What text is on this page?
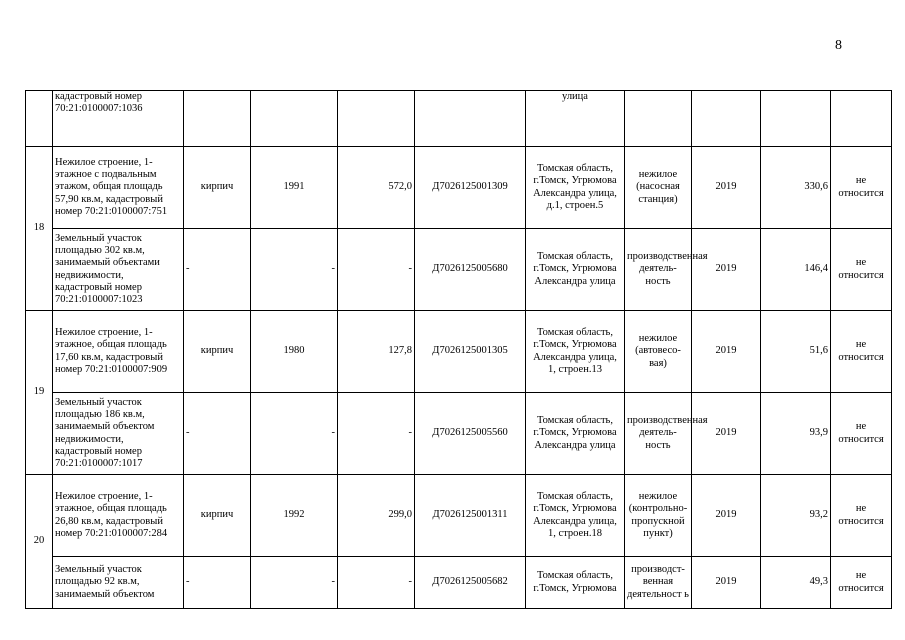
8
	кадастровый номер 70:21:0100007:1036					улица				
18	Нежилое строение, 1-этажное с подвальным этажом, общая площадь 57,90 кв.м, кадастровый номер 70:21:0100007:751	кирпич	1991	572,0	Д7026125001309	Томская область, г.Томск, Угрюмова Александра улица, д.1, строен.5	нежилое (насосная станция)	2019	330,6	не относится
	Земельный участок площадью 302 кв.м, занимаемый объектами недвижимости, кадастровый номер 70:21:0100007:1023	-	-	-	Д7026125005680	Томская область, г.Томск, Угрюмова Александра улица	производственная деятель-ность	2019	146,4	не относится
19	Нежилое строение, 1-этажное, общая площадь 17,60 кв.м, кадастровый номер 70:21:0100007:909	кирпич	1980	127,8	Д7026125001305	Томская область, г.Томск, Угрюмова Александра улица, 1, строен.13	нежилое (автовесо-вая)	2019	51,6	не относится
	Земельный участок площадью 186 кв.м, занимаемый объектом недвижимости, кадастровый номер 70:21:0100007:1017	-	-	-	Д7026125005560	Томская область, г.Томск, Угрюмова Александра улица	производственная деятель-ность	2019	93,9	не относится
20	Нежилое строение, 1-этажное, общая площадь 26,80 кв.м, кадастровый номер 70:21:0100007:284	кирпич	1992	299,0	Д7026125001311	Томская область, г.Томск, Угрюмова Александра улица, 1, строен.18	нежилое (контрольно-пропускной пункт)	2019	93,2	не относится
	Земельный участок площадью 92 кв.м, занимаемый объектом	-	-	-	Д7026125005682	Томская область, г.Томск, Угрюмова	производст-венная деятельност ь	2019	49,3	не относится
